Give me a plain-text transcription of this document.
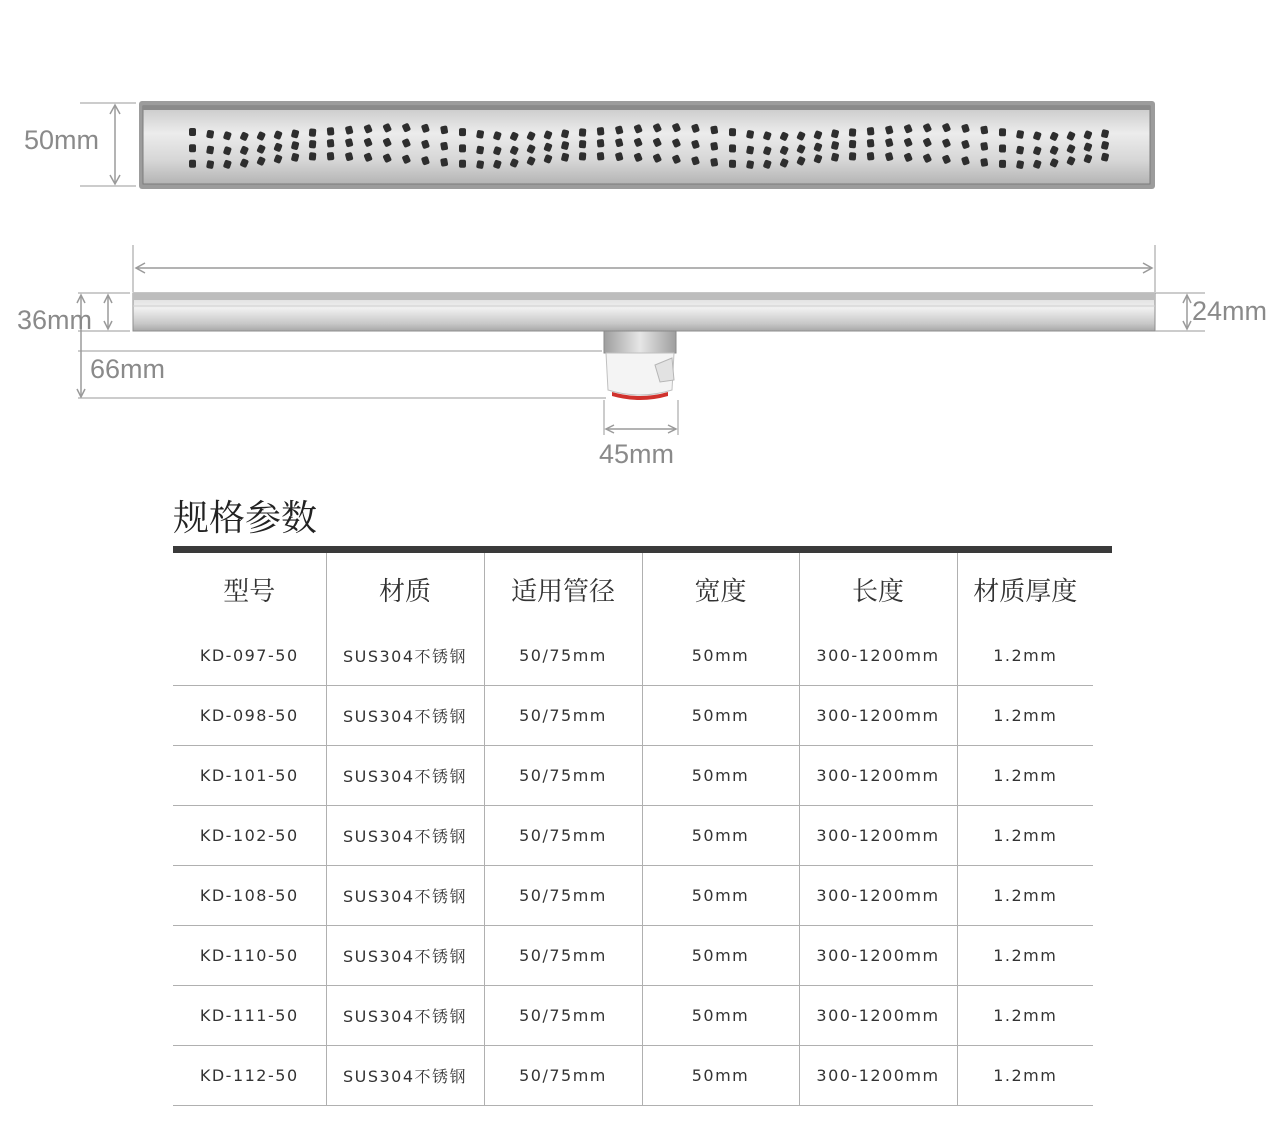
50mm
36mm
66mm
24mm
45mm
规格参数
型号	材质	适用管径	宽度	长度	材质厚度
KD-097-50	SUS304不锈钢	50/75mm	50mm	300-1200mm	1.2mm
KD-098-50	SUS304不锈钢	50/75mm	50mm	300-1200mm	1.2mm
KD-101-50	SUS304不锈钢	50/75mm	50mm	300-1200mm	1.2mm
KD-102-50	SUS304不锈钢	50/75mm	50mm	300-1200mm	1.2mm
KD-108-50	SUS304不锈钢	50/75mm	50mm	300-1200mm	1.2mm
KD-110-50	SUS304不锈钢	50/75mm	50mm	300-1200mm	1.2mm
KD-111-50	SUS304不锈钢	50/75mm	50mm	300-1200mm	1.2mm
KD-112-50	SUS304不锈钢	50/75mm	50mm	300-1200mm	1.2mm
